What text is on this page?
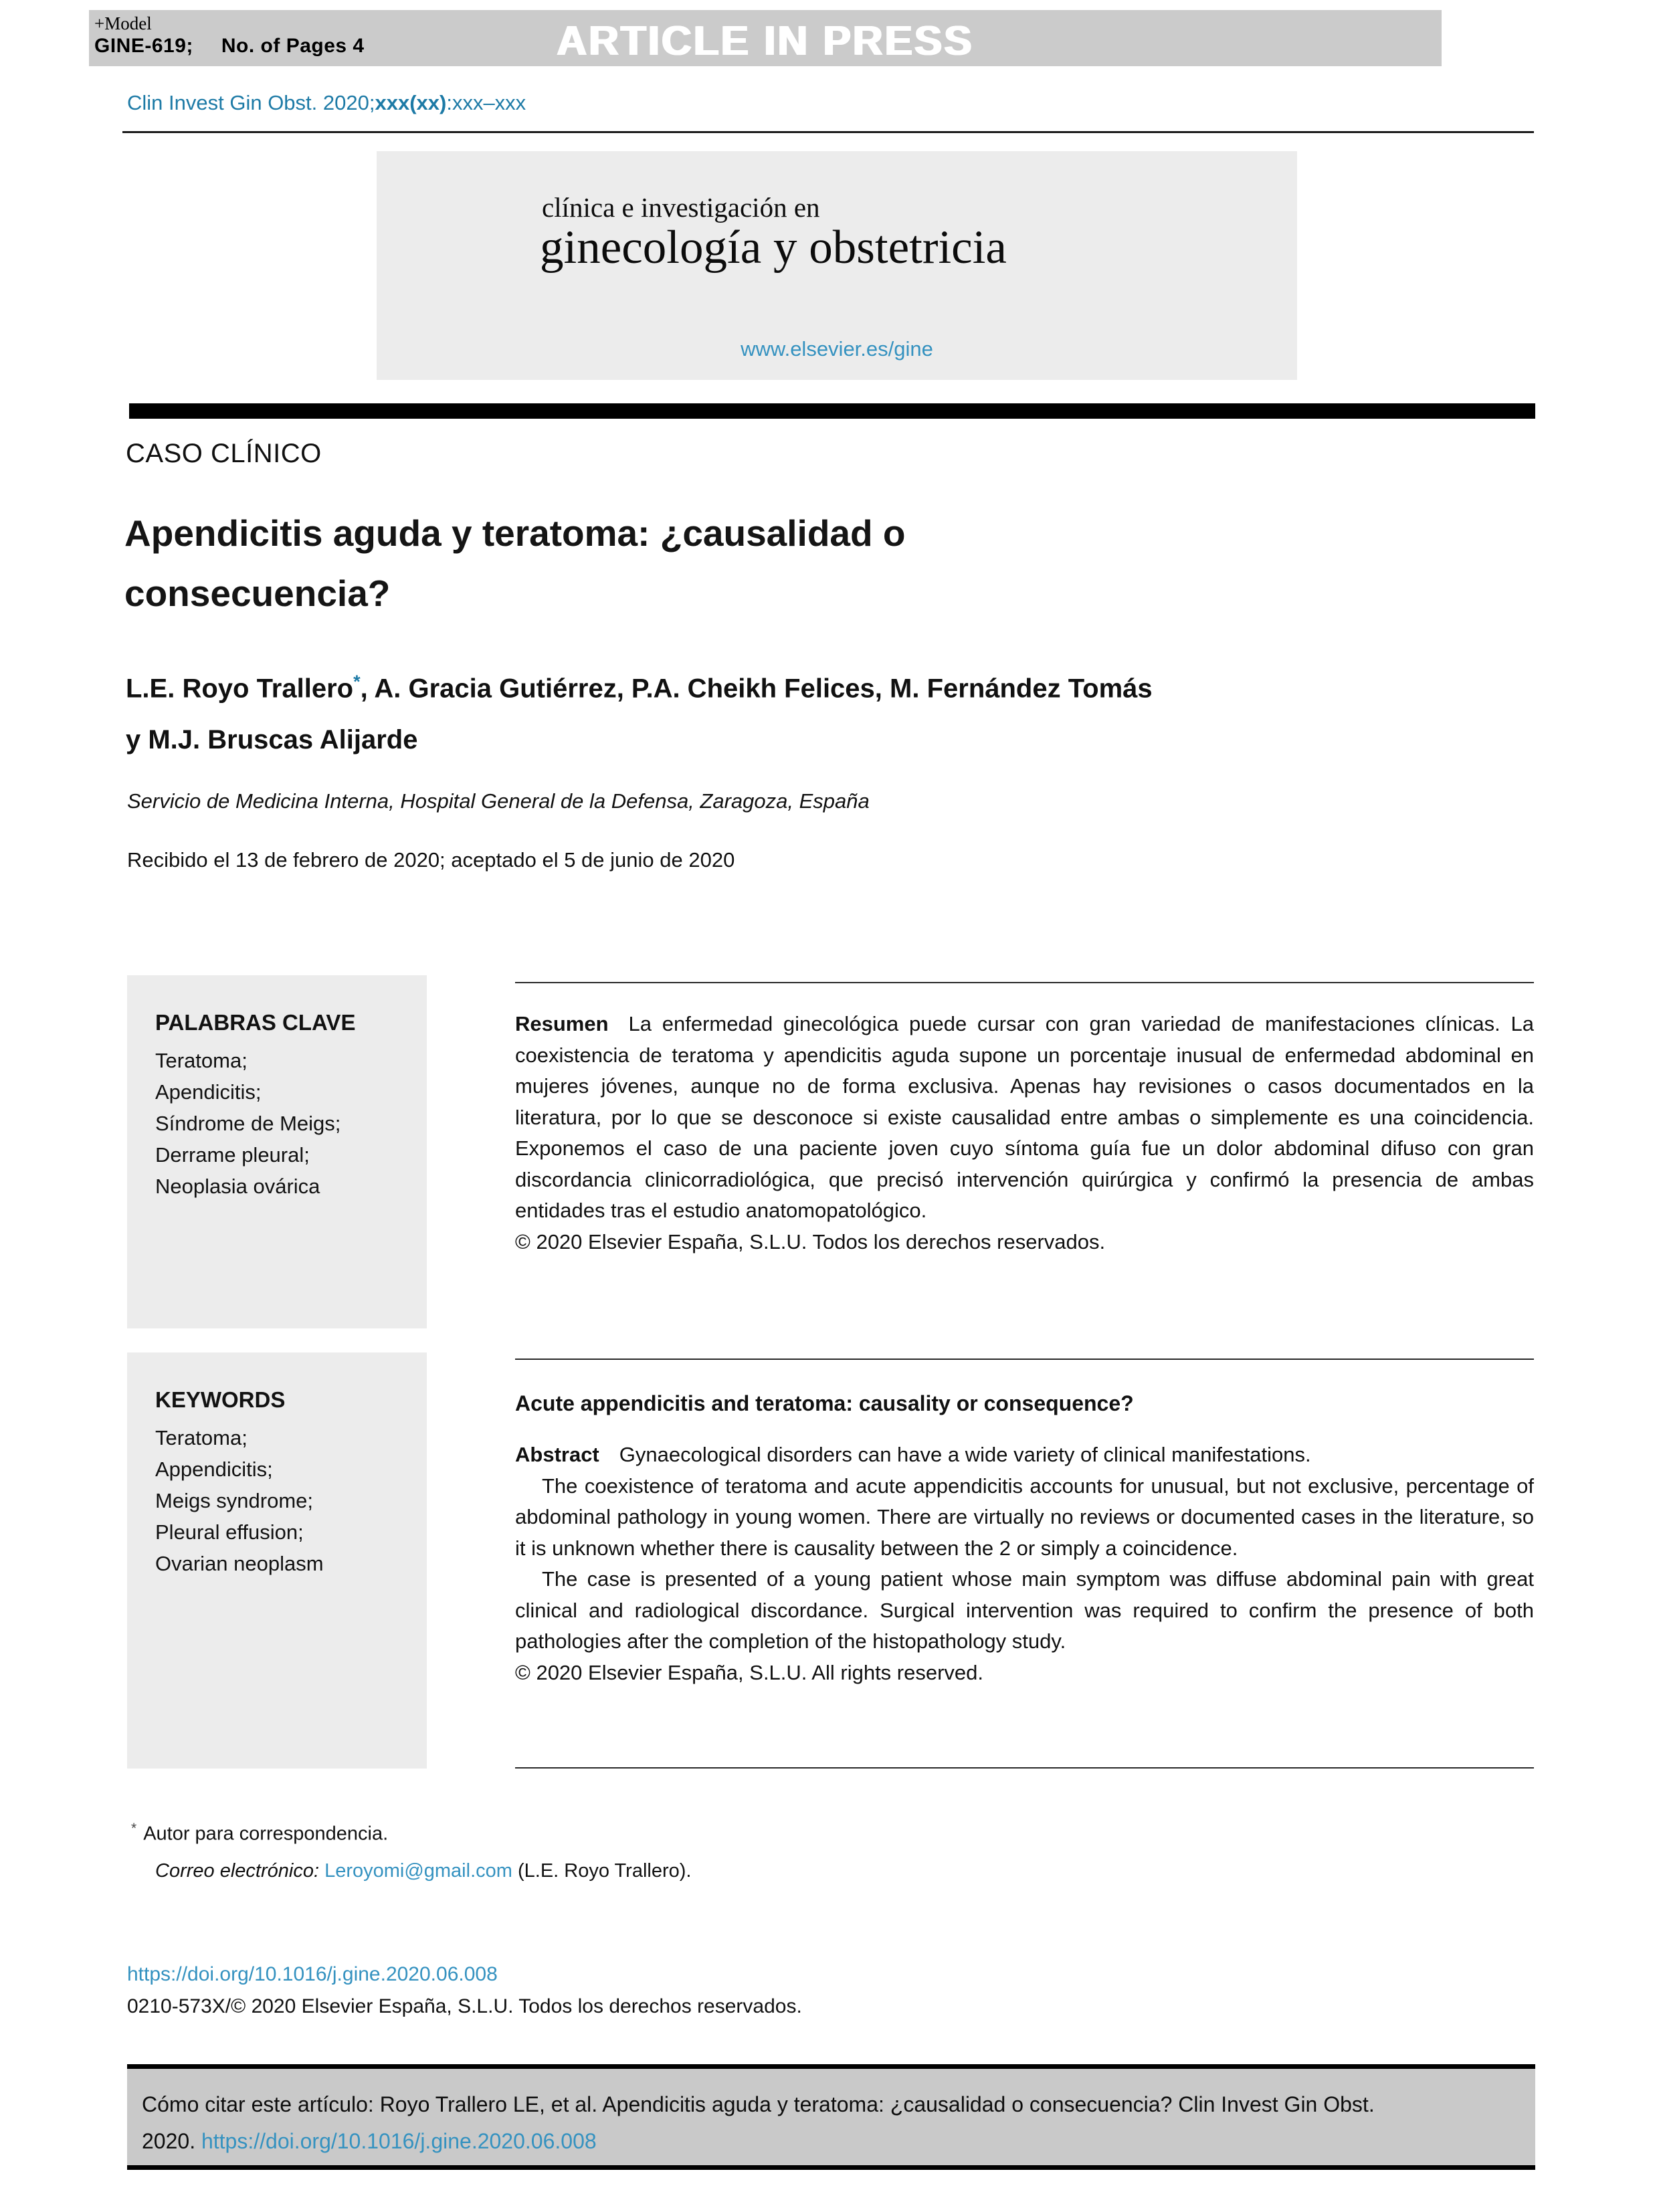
+Model
GINE-619; No. of Pages 4	ARTICLE IN PRESS
Clin Invest Gin Obst. 2020;xxx(xx):xxx–xxx
clínica e investigación en
ginecología y obstetricia
www.elsevier.es/gine
CASO CLÍNICO
Apendicitis aguda y teratoma: ¿causalidad o
consecuencia?
L.E. Royo Trallero*, A. Gracia Gutiérrez, P.A. Cheikh Felices, M. Fernández Tomás
y M.J. Bruscas Alijarde
Servicio de Medicina Interna, Hospital General de la Defensa, Zaragoza, España
Recibido el 13 de febrero de 2020; aceptado el 5 de junio de 2020
PALABRAS CLAVE
Teratoma;
Apendicitis;
Síndrome de Meigs;
Derrame pleural;
Neoplasia ovárica

Resumen La enfermedad ginecológica puede cursar con gran variedad de manifestaciones clínicas. La coexistencia de teratoma y apendicitis aguda supone un porcentaje inusual de enfermedad abdominal en mujeres jóvenes, aunque no de forma exclusiva. Apenas hay revisiones o casos documentados en la literatura, por lo que se desconoce si existe causalidad entre ambas o simplemente es una coincidencia. Exponemos el caso de una paciente joven cuyo síntoma guía fue un dolor abdominal difuso con gran discordancia clinicorradiológica, que precisó intervención quirúrgica y confirmó la presencia de ambas entidades tras el estudio anatomopatológico.

© 2020 Elsevier España, S.L.U. Todos los derechos reservados.
KEYWORDS
Teratoma;
Appendicitis;
Meigs syndrome;
Pleural effusion;
Ovarian neoplasm
Acute appendicitis and teratoma: causality or consequence?

Abstract Gynaecological disorders can have a wide variety of clinical manifestations.

The coexistence of teratoma and acute appendicitis accounts for unusual, but not exclusive, percentage of abdominal pathology in young women. There are virtually no reviews or documented cases in the literature, so it is unknown whether there is causality between the 2 or simply a coincidence.

The case is presented of a young patient whose main symptom was diffuse abdominal pain with great clinical and radiological discordance. Surgical intervention was required to confirm the presence of both pathologies after the completion of the histopathology study.

© 2020 Elsevier España, S.L.U. All rights reserved.
* Autor para correspondencia.
Correo electrónico: Leroyomi@gmail.com (L.E. Royo Trallero).
https://doi.org/10.1016/j.gine.2020.06.008
0210-573X/© 2020 Elsevier España, S.L.U. Todos los derechos reservados.
Cómo citar este artículo: Royo Trallero LE, et al. Apendicitis aguda y teratoma: ¿causalidad o consecuencia? Clin Invest Gin Obst. 2020. https://doi.org/10.1016/j.gine.2020.06.008
